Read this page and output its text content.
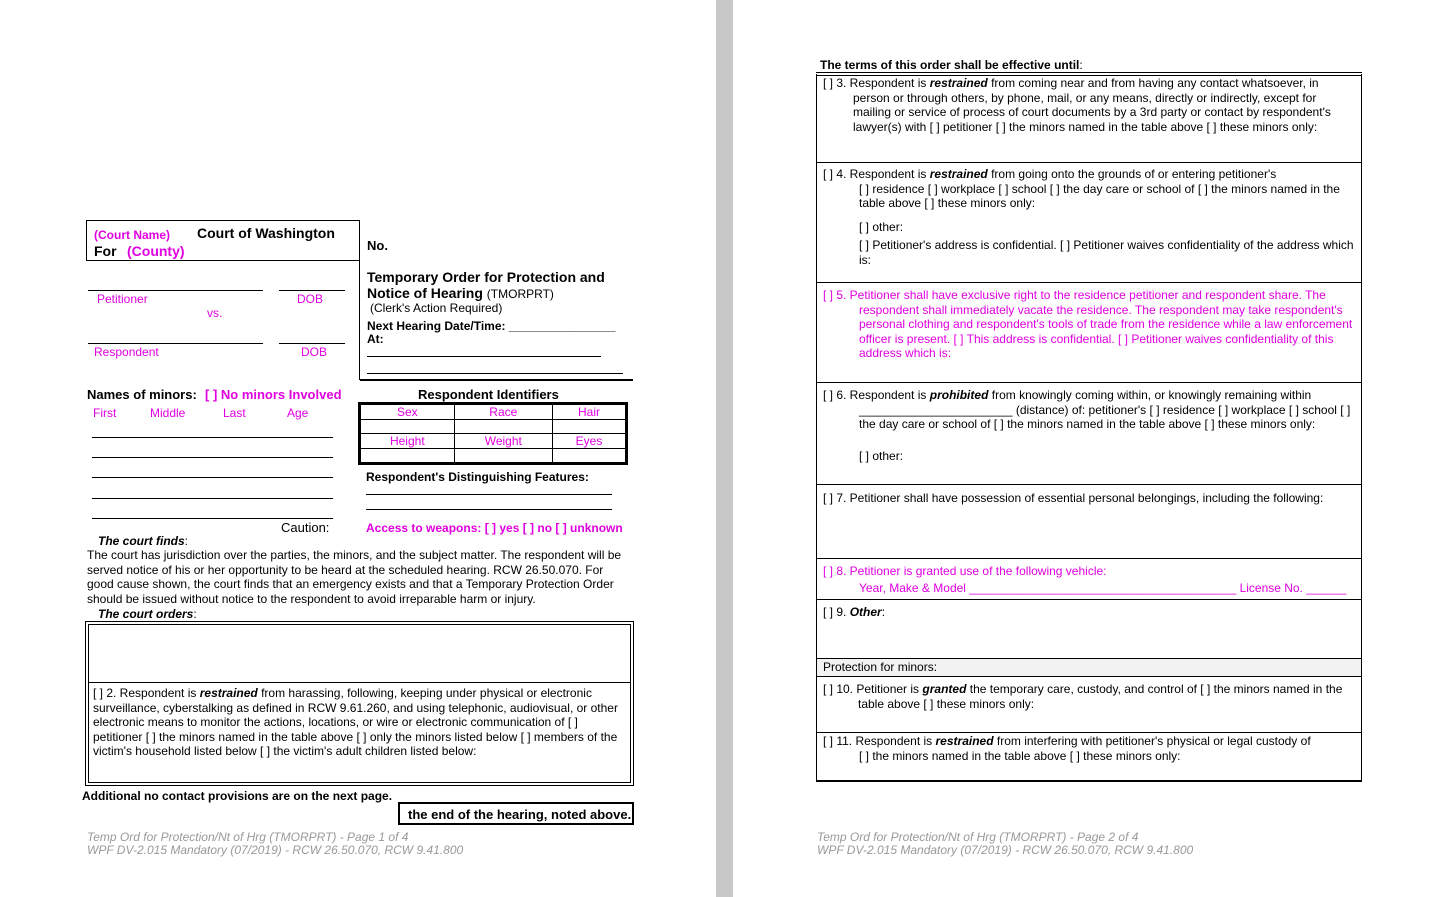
(Court Name) Court of Washington
For (County)	No.
Temporary Order for Protection and
Notice of Hearing (TMORPRT)
(Clerk's Action Required)
Next Hearing Date/Time: ________________
At:
Petitioner	DOB
vs.
Respondent	DOB
Names of minors: [ ] No minors Involved
First	Middle	Last	Age
Respondent Identifiers
Sex	Race	Hair

Height	Weight	Eyes

Respondent's Distinguishing Features:
Caution:	Access to weapons: [ ] yes [ ] no [ ] unknown
The court finds:
The court has jurisdiction over the parties, the minors, and the subject matter. The respondent will be served notice of his or her opportunity to be heard at the scheduled hearing. RCW 26.50.070. For good cause shown, the court finds that an emergency exists and that a Temporary Protection Order should be issued without notice to the respondent to avoid irreparable harm or injury.
The court orders:
[ ] 2. Respondent is restrained from harassing, following, keeping under physical or electronic surveillance, cyberstalking as defined in RCW 9.61.260, and using telephonic, audiovisual, or other electronic means to monitor the actions, locations, or wire or electronic communication of [ ] petitioner [ ] the minors named in the table above [ ] only the minors listed below [ ] members of the victim's household listed below [ ] the victim's adult children listed below:
Additional no contact provisions are on the next page.
the end of the hearing, noted above.
Temp Ord for Protection/Nt of Hrg (TMORPRT) - Page 1 of 4
WPF DV-2.015 Mandatory (07/2019) - RCW 26.50.070, RCW 9.41.800
The terms of this order shall be effective until:
[ ] 3. Respondent is restrained from coming near and from having any contact whatsoever, in person or through others, by phone, mail, or any means, directly or indirectly, except for mailing or service of process of court documents by a 3rd party or contact by respondent's lawyer(s) with [ ] petitioner [ ] the minors named in the table above [ ] these minors only:
[ ] 4. Respondent is restrained from going onto the grounds of or entering petitioner's
[ ] residence [ ] workplace [ ] school [ ] the day care or school of [ ] the minors named in the table above [ ] these minors only:
[ ] other:
[ ] Petitioner's address is confidential. [ ] Petitioner waives confidentiality of the address which is:
[ ] 5. Petitioner shall have exclusive right to the residence petitioner and respondent share. The respondent shall immediately vacate the residence. The respondent may take respondent's personal clothing and respondent's tools of trade from the residence while a law enforcement officer is present. [ ] This address is confidential. [ ] Petitioner waives confidentiality of this address which is:
[ ] 6. Respondent is prohibited from knowingly coming within, or knowingly remaining within
_______________________ (distance) of: petitioner's [ ] residence [ ] workplace [ ] school [ ] the day care or school of [ ] the minors named in the table above [ ] these minors only:
[ ] other:
[ ] 7. Petitioner shall have possession of essential personal belongings, including the following:
[ ] 8. Petitioner is granted use of the following vehicle:
Year, Make & Model ________________________________________ License No. ______
[ ] 9. Other:
Protection for minors:
[ ] 10. Petitioner is granted the temporary care, custody, and control of [ ] the minors named in the table above [ ] these minors only:
[ ] 11. Respondent is restrained from interfering with petitioner's physical or legal custody of
[ ] the minors named in the table above [ ] these minors only:
Temp Ord for Protection/Nt of Hrg (TMORPRT) - Page 2 of 4
WPF DV-2.015 Mandatory (07/2019) - RCW 26.50.070, RCW 9.41.800
